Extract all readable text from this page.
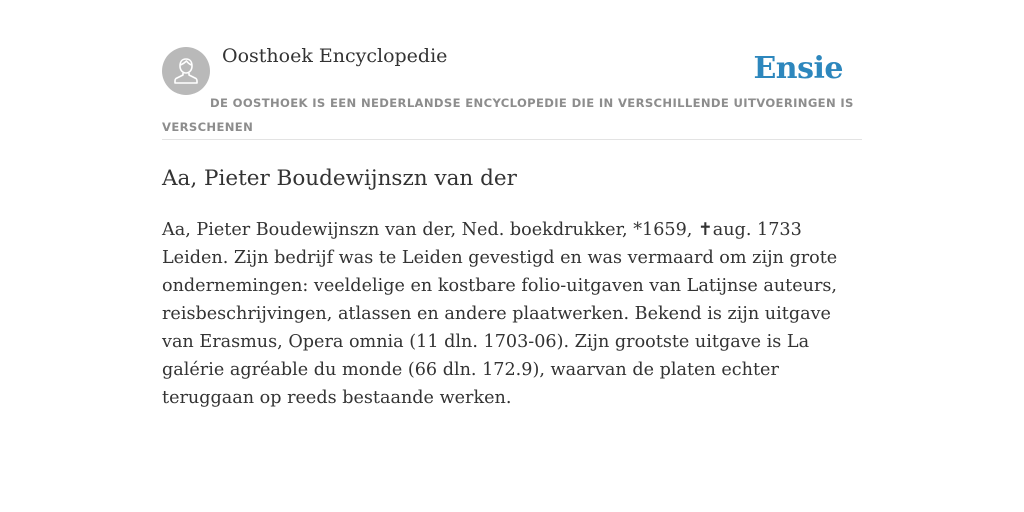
Oosthoek Encyclopedie	Ensie
DE OOSTHOEK IS EEN NEDERLANDSE ENCYCLOPEDIE DIE IN VERSCHILLENDE UITVOERINGEN IS VERSCHENEN
Aa, Pieter Boudewijnszn van der

Aa, Pieter Boudewijnszn van der, Ned. boekdrukker, *1659, ✝aug. 1733 Leiden. Zijn bedrijf was te Leiden gevestigd en was vermaard om zijn grote ondernemingen: veeldelige en kostbare folio-uitgaven van Latijnse auteurs, reisbeschrijvingen, atlassen en andere plaatwerken. Bekend is zijn uitgave van Erasmus, Opera omnia (11 dln. 1703-06). Zijn grootste uitgave is La galérie agréable du monde (66 dln. 172.9), waarvan de platen echter teruggaan op reeds bestaande werken.
